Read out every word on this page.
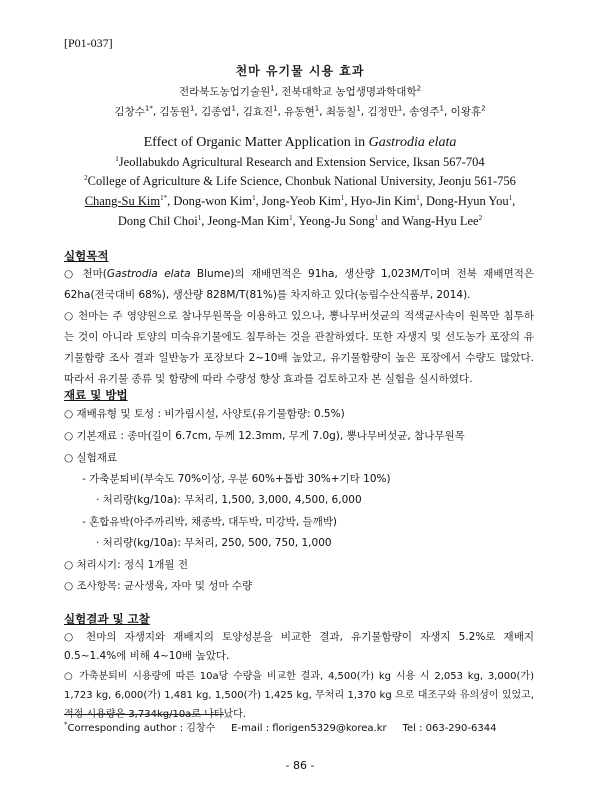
[P01-037]
천마 유기물 시용 효과
전라북도농업기술원$^1$, 전북대학교 농업생명과학대학$^2$
김창수$^{1*}$, 김동원$^1$, 김종엽$^1$, 김효진$^1$, 유동현$^1$, 최동칠$^1$, 김정만$^1$, 송영주$^1$, 이왕휴$^2$
Effect of Organic Matter Application in Gastrodia elata
$^1$Jeollabukdo Agricultural Research and Extension Service, Iksan 567-704
$^2$College of Agriculture & Life Science, Chonbuk National University, Jeonju 561-756
Chang-Su Kim$^{1*}$, Dong-won Kim$^1$, Jong-Yeob Kim$^1$, Hyo-Jin Kim$^1$, Dong-Hyun You$^1$,
Dong Chil Choi$^1$, Jeong-Man Kim$^1$, Yeong-Ju Song$^1$ and Wang-Hyu Lee$^2$
실험목적
○ 천마(Gastrodia elata Blume)의 재배면적은 91ha, 생산량 1,023M/T이며 전북 재배면적은 62ha(전국대비 68%), 생산량 828M/T(81%)를 차지하고 있다(농림수산식품부, 2014).
○ 천마는 주 영양원으로 참나무원목을 이용하고 있으나, 뽕나무버섯균의 적색균사속이 원목만 침투하는 것이 아니라 토양의 미숙유기물에도 침투하는 것을 관찰하였다. 또한 자생지 및 선도농가 포장의 유기물함량 조사 결과 일반농가 포장보다 2~10배 높았고, 유기물함량이 높은 포장에서 수량도 많았다. 따라서 유기물 종류 및 함량에 따라 수량성 향상 효과를 검토하고자 본 실험을 실시하였다.
재료 및 방법
○ 재배유형 및 토성 : 비가림시설, 사양토(유기물함량: 0.5%)
○ 기본재료 : 종마(길이 6.7cm, 두께 12.3mm, 무게 7.0g), 뽕나무버섯균, 참나무원목
○ 실험재료
- 가축분퇴비(부숙도 70%이상, 우분 60%+톱밥 30%+기타 10%)
· 처리량(kg/10a): 무처리, 1,500, 3,000, 4,500, 6,000
- 혼합유박(아주까리박, 채종박, 대두박, 미강박, 들깨박)
· 처리량(kg/10a): 무처리, 250, 500, 750, 1,000
○ 처리시기: 정식 1개월 전
○ 조사항목: 균사생육, 자마 및 성마 수량
실험결과 및 고찰
○ 천마의 자생지와 재배지의 토양성분을 비교한 결과, 유기물함량이 자생지 5.2%로 재배지 0.5~1.4%에 비해 4~10배 높았다.
○ 가축분퇴비 시용량에 따른 10a당 수량을 비교한 결과, 4,500(가) kg 시용 시 2,053 kg, 3,000(가) 1,723 kg, 6,000(가) 1,481 kg, 1,500(가) 1,425 kg, 무처리 1,370 kg 으로 대조구와 유의성이 있었고, 적정 시용량은 3,734kg/10a로 나타났다.
*Corresponding author : 김창수 E-mail : florigen5329@korea.kr Tel : 063-290-6344
- 86 -
